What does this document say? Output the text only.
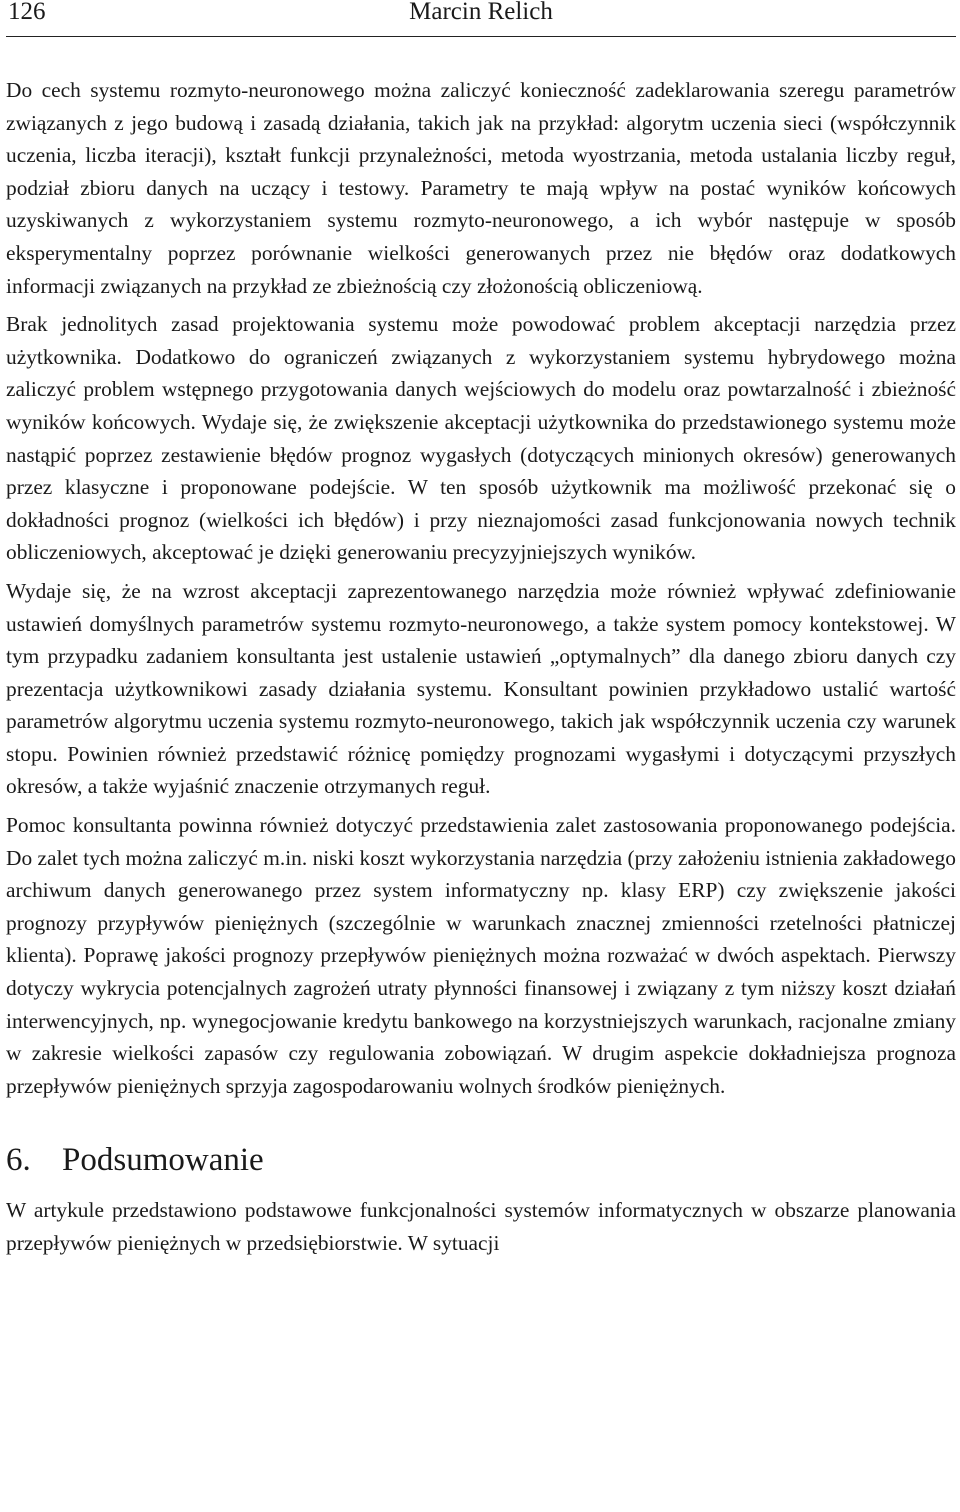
126	Marcin Relich

Do cech systemu rozmyto-neuronowego można zaliczyć konieczność zadeklarowania szeregu parametrów związanych z jego budową i zasadą działania, takich jak na przykład: algorytm uczenia sieci (współczynnik uczenia, liczba iteracji), kształt funkcji przynależności, metoda wyostrzania, metoda ustalania liczby reguł, podział zbioru danych na uczący i testowy. Parametry te mają wpływ na postać wyników końcowych uzyskiwanych z wykorzystaniem systemu rozmyto-neuronowego, a ich wybór następuje w sposób eksperymentalny poprzez porównanie wielkości generowanych przez nie błędów oraz dodatkowych informacji związanych na przykład ze zbieżnością czy złożonością obliczeniową.

Brak jednolitych zasad projektowania systemu może powodować problem akceptacji narzędzia przez użytkownika. Dodatkowo do ograniczeń związanych z wykorzystaniem systemu hybrydowego można zaliczyć problem wstępnego przygotowania danych wejściowych do modelu oraz powtarzalność i zbieżność wyników końcowych. Wydaje się, że zwiększenie akceptacji użytkownika do przedstawionego systemu może nastąpić poprzez zestawienie błędów prognoz wygasłych (dotyczących minionych okresów) generowanych przez klasyczne i proponowane podejście. W ten sposób użytkownik ma możliwość przekonać się o dokładności prognoz (wielkości ich błędów) i przy nieznajomości zasad funkcjonowania nowych technik obliczeniowych, akceptować je dzięki generowaniu precyzyjniejszych wyników.

Wydaje się, że na wzrost akceptacji zaprezentowanego narzędzia może również wpływać zdefiniowanie ustawień domyślnych parametrów systemu rozmyto-neuronowego, a także system pomocy kontekstowej. W tym przypadku zadaniem konsultanta jest ustalenie ustawień „optymalnych” dla danego zbioru danych czy prezentacja użytkownikowi zasady działania systemu. Konsultant powinien przykładowo ustalić wartość parametrów algorytmu uczenia systemu rozmyto-neuronowego, takich jak współczynnik uczenia czy warunek stopu. Powinien również przedstawić różnicę pomiędzy prognozami wygasłymi i dotyczącymi przyszłych okresów, a także wyjaśnić znaczenie otrzymanych reguł.

Pomoc konsultanta powinna również dotyczyć przedstawienia zalet zastosowania proponowanego podejścia. Do zalet tych można zaliczyć m.in. niski koszt wykorzystania narzędzia (przy założeniu istnienia zakładowego archiwum danych generowanego przez system informatyczny np. klasy ERP) czy zwiększenie jakości prognozy przypływów pieniężnych (szczególnie w warunkach znacznej zmienności rzetelności płatniczej klienta). Poprawę jakości prognozy przepływów pieniężnych można rozważać w dwóch aspektach. Pierwszy dotyczy wykrycia potencjalnych zagrożeń utraty płynności finansowej i związany z tym niższy koszt działań interwencyjnych, np. wynegocjowanie kredytu bankowego na korzystniejszych warunkach, racjonalne zmiany w zakresie wielkości zapasów czy regulowania zobowiązań. W drugim aspekcie dokładniejsza prognoza przepływów pieniężnych sprzyja zagospodarowaniu wolnych środków pieniężnych.

6. Podsumowanie

W artykule przedstawiono podstawowe funkcjonalności systemów informatycznych w obszarze planowania przepływów pieniężnych w przedsiębiorstwie. W sytuacji
